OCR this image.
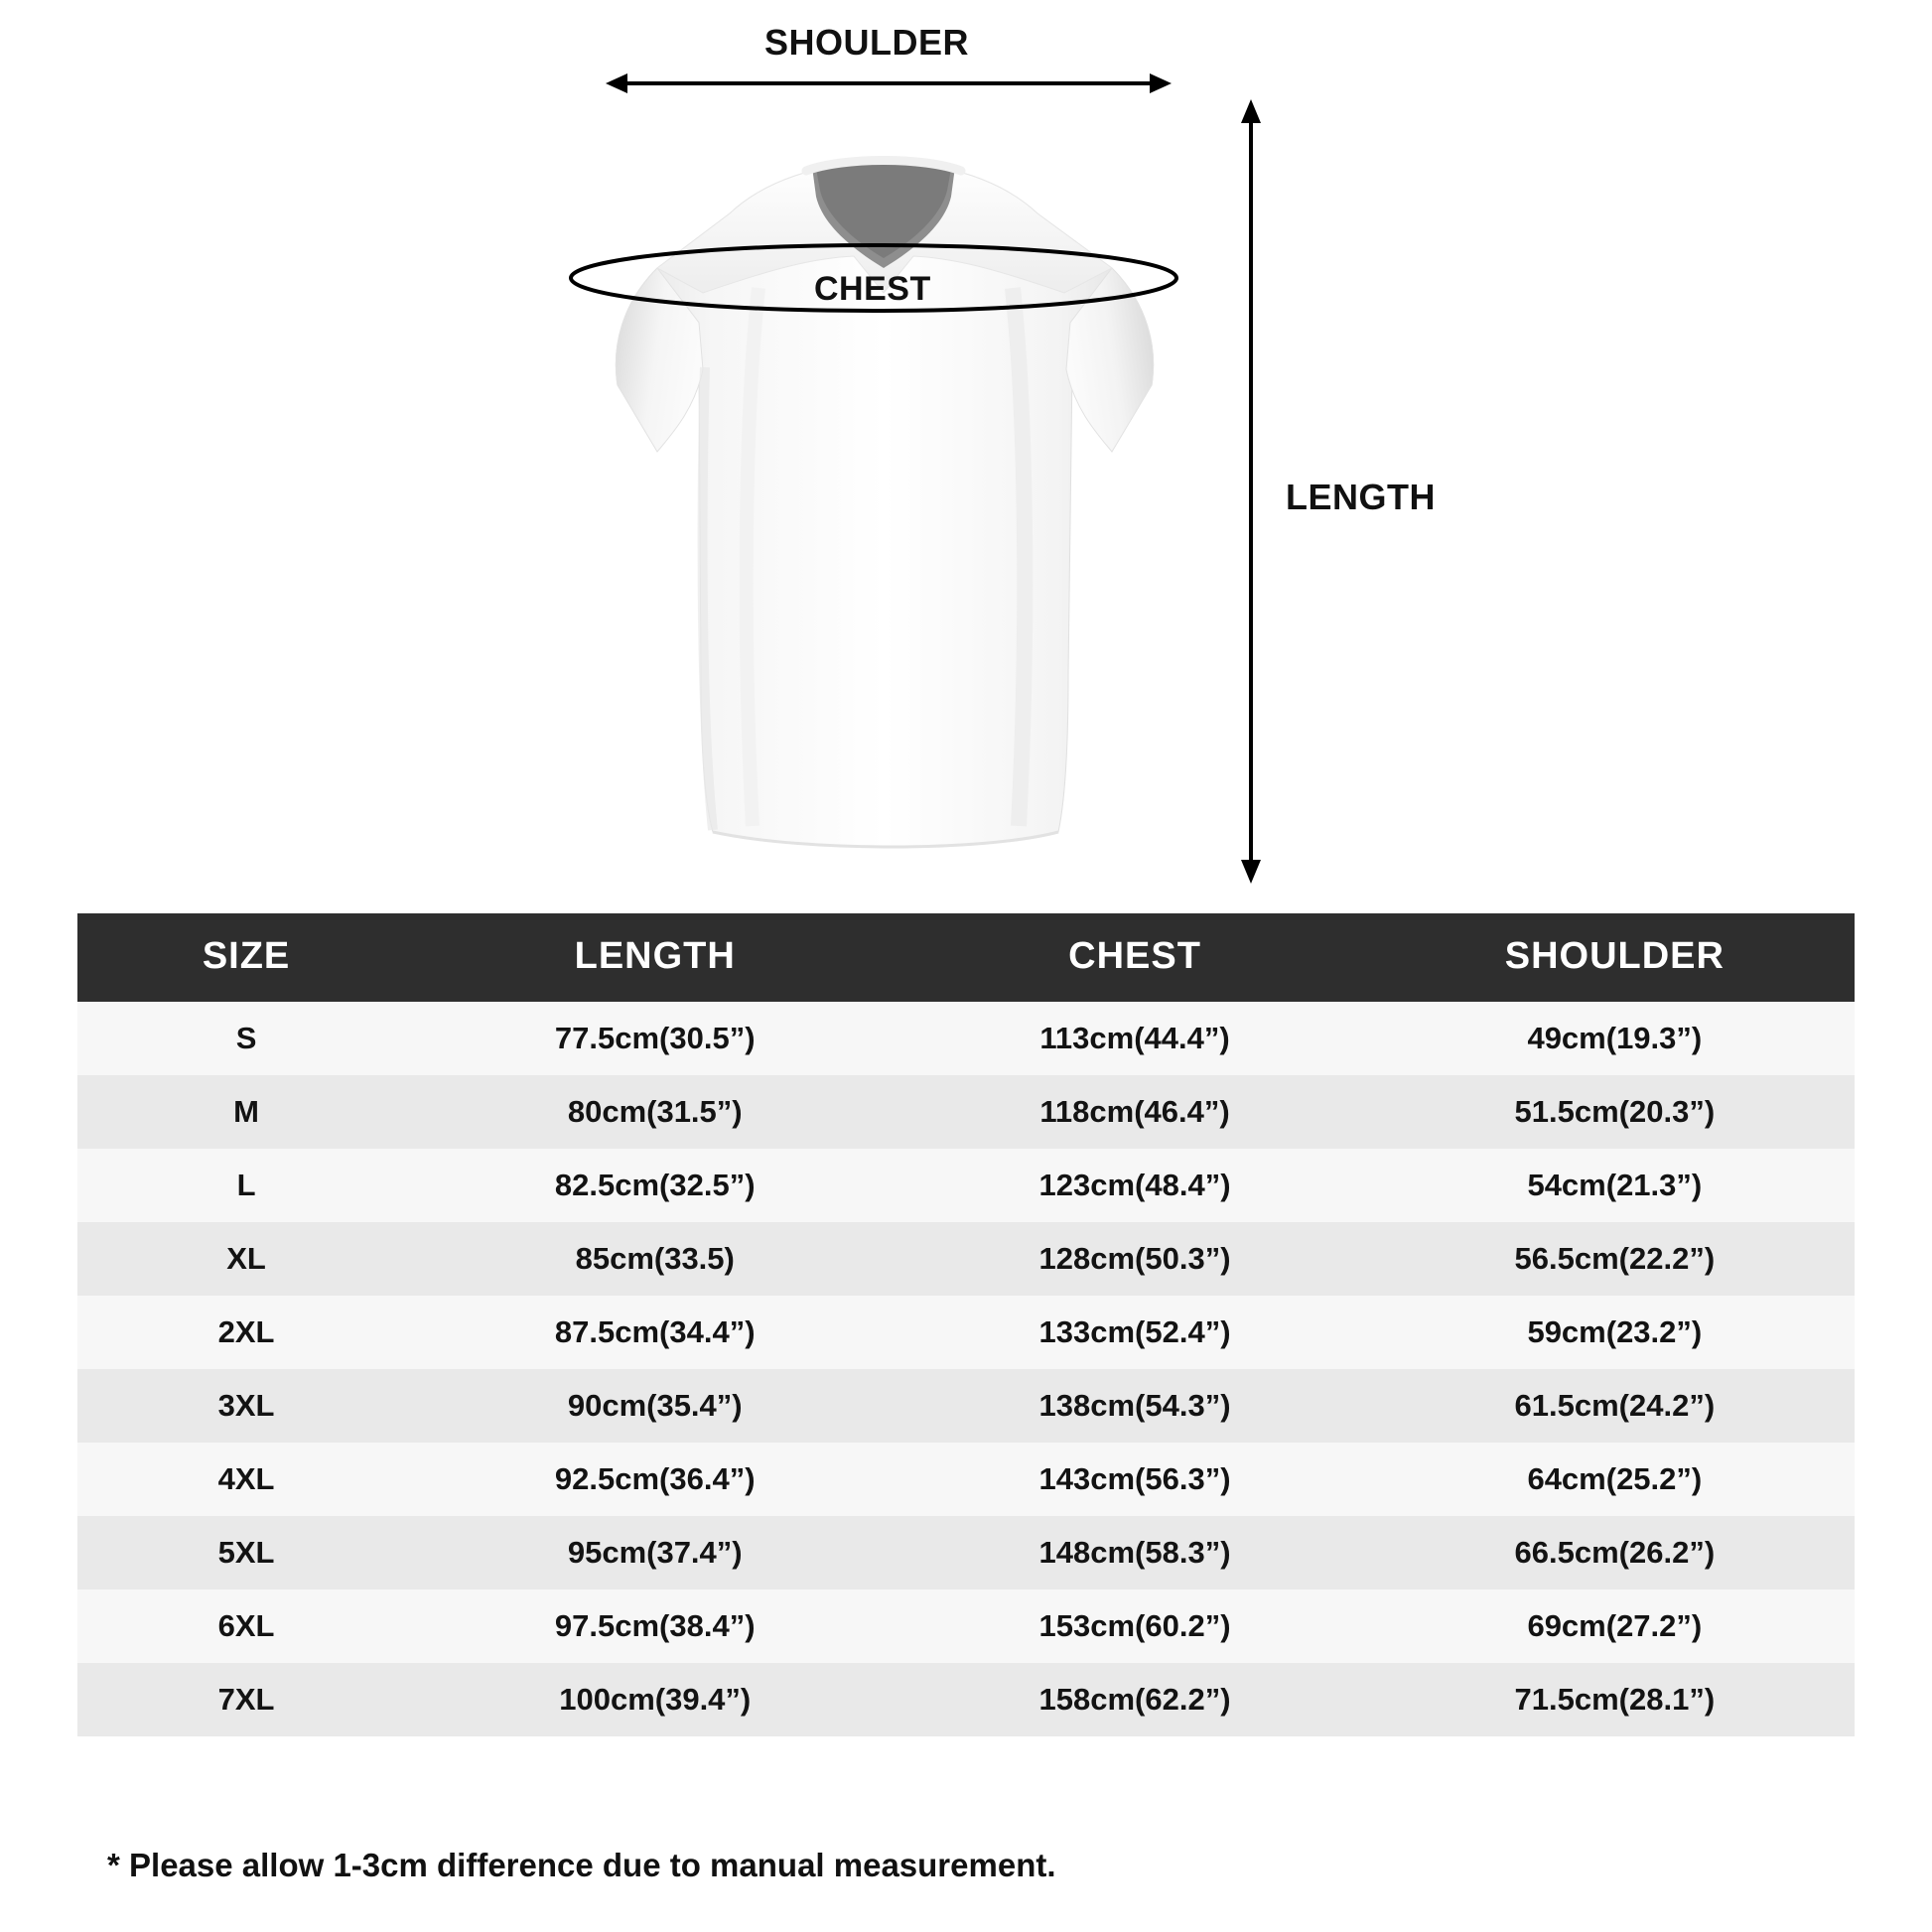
SHOULDER
LENGTH
CHEST
SIZE	LENGTH	CHEST	SHOULDER
S	77.5cm(30.5”)	113cm(44.4”)	49cm(19.3”)
M	80cm(31.5”)	118cm(46.4”)	51.5cm(20.3”)
L	82.5cm(32.5”)	123cm(48.4”)	54cm(21.3”)
XL	85cm(33.5)	128cm(50.3”)	56.5cm(22.2”)
2XL	87.5cm(34.4”)	133cm(52.4”)	59cm(23.2”)
3XL	90cm(35.4”)	138cm(54.3”)	61.5cm(24.2”)
4XL	92.5cm(36.4”)	143cm(56.3”)	64cm(25.2”)
5XL	95cm(37.4”)	148cm(58.3”)	66.5cm(26.2”)
6XL	97.5cm(38.4”)	153cm(60.2”)	69cm(27.2”)
7XL	100cm(39.4”)	158cm(62.2”)	71.5cm(28.1”)
* Please allow 1-3cm difference due to manual measurement.
